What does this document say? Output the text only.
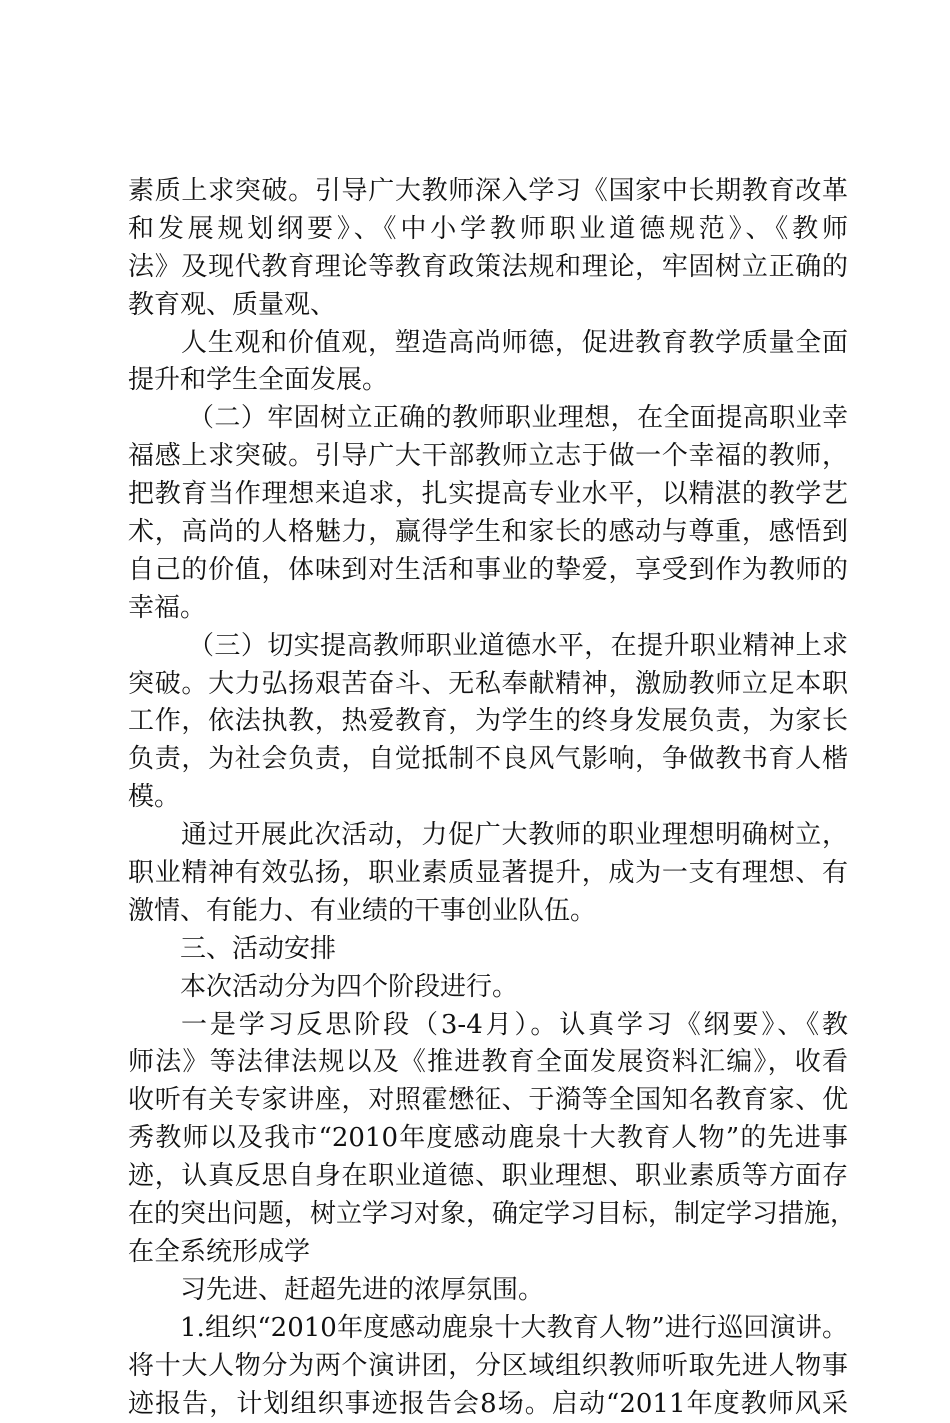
素质上求突破。引导广大教师深入学习《国家中长期教育改革
和发展规划纲要》、《中小学教师职业道德规范》、《教师
法》及现代教育理论等教育政策法规和理论，牢固树立正确的
教育观、质量观、
人生观和价值观，塑造高尚师德，促进教育教学质量全面
提升和学生全面发展。
（二）牢固树立正确的教师职业理想，在全面提高职业幸
福感上求突破。引导广大干部教师立志于做一个幸福的教师，
把教育当作理想来追求，扎实提高专业水平，以精湛的教学艺
术，高尚的人格魅力，赢得学生和家长的感动与尊重，感悟到
自己的价值，体味到对生活和事业的挚爱，享受到作为教师的
幸福。
（三）切实提高教师职业道德水平，在提升职业精神上求
突破。大力弘扬艰苦奋斗、无私奉献精神，激励教师立足本职
工作，依法执教，热爱教育，为学生的终身发展负责，为家长
负责，为社会负责，自觉抵制不良风气影响，争做教书育人楷
模。
通过开展此次活动，力促广大教师的职业理想明确树立，
职业精神有效弘扬，职业素质显著提升，成为一支有理想、有
激情、有能力、有业绩的干事创业队伍。
三、活动安排
本次活动分为四个阶段进行。
一是学习反思阶段（3-4月）。认真学习《纲要》、《教
师法》等法律法规以及《推进教育全面发展资料汇编》，收看
收听有关专家讲座，对照霍懋征、于漪等全国知名教育家、优
秀教师以及我市“2010年度感动鹿泉十大教育人物”的先进事
迹，认真反思自身在职业道德、职业理想、职业素质等方面存
在的突出问题，树立学习对象，确定学习目标，制定学习措施，
在全系统形成学
习先进、赶超先进的浓厚氛围。
1.组织“2010年度感动鹿泉十大教育人物”进行巡回演讲。
将十大人物分为两个演讲团，分区域组织教师听取先进人物事
迹报告，计划组织事迹报告会8场。启动“2011年度教师风采
